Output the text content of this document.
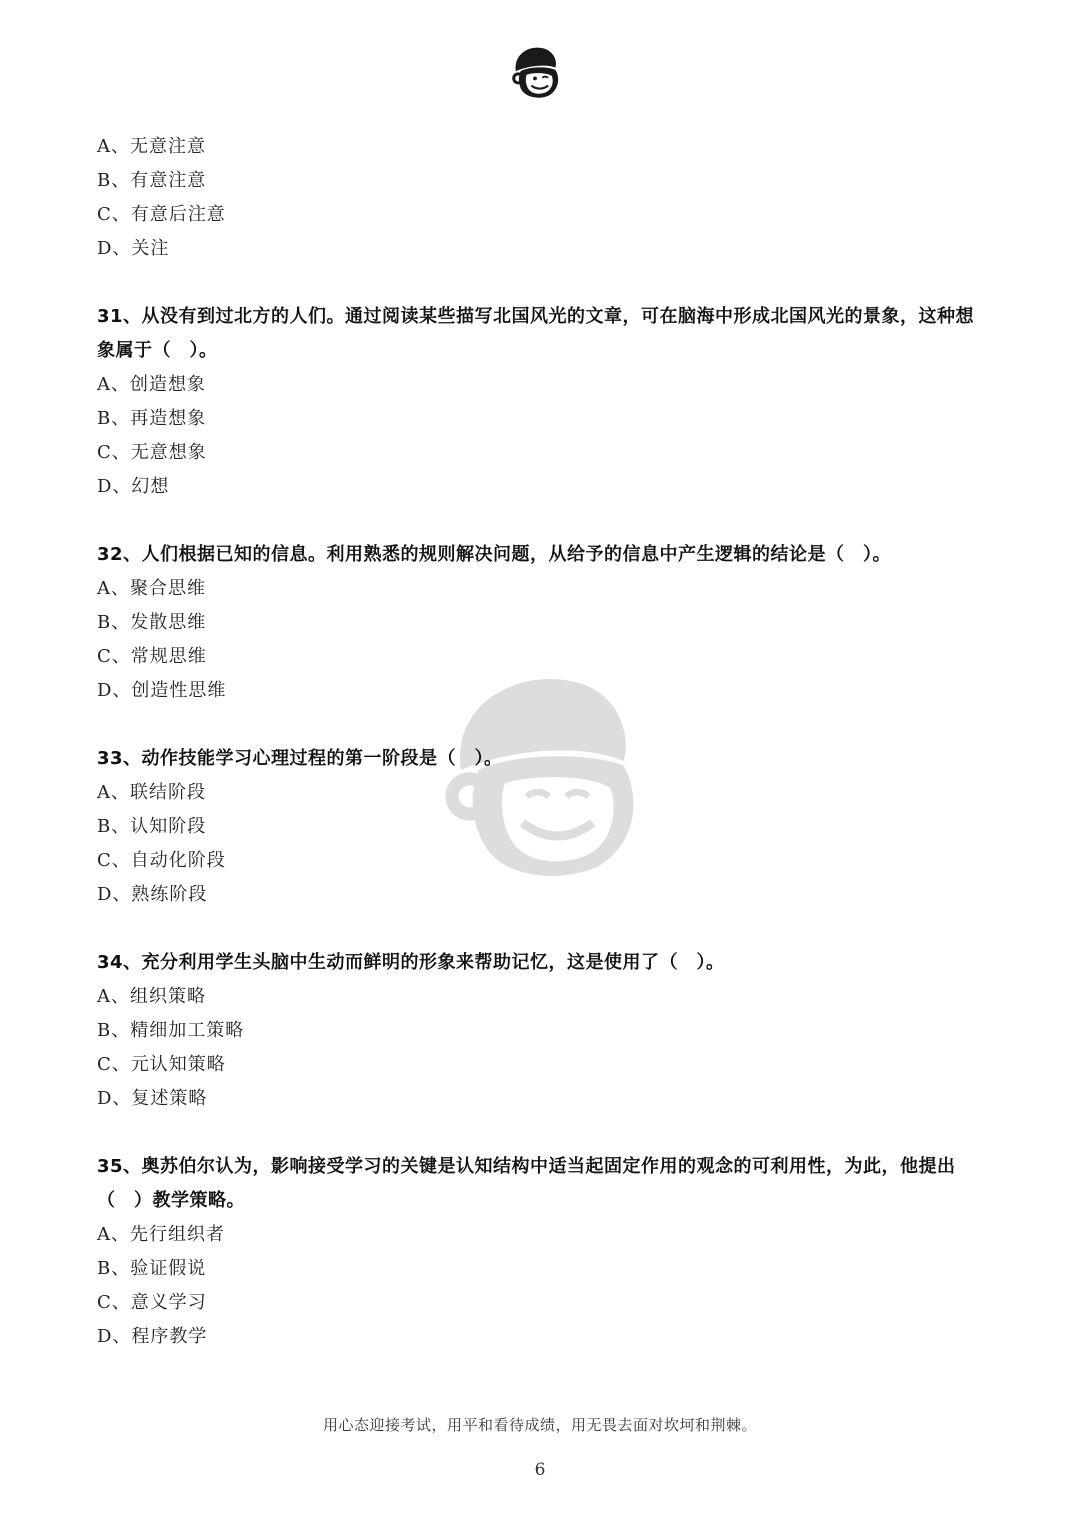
A、无意注意
B、有意注意
C、有意后注意
D、关注
31、从没有到过北方的人们。通过阅读某些描写北国风光的文章，可在脑海中形成北国风光的景象，这种想象属于（　）。
A、创造想象
B、再造想象
C、无意想象
D、幻想
32、人们根据已知的信息。利用熟悉的规则解决问题，从给予的信息中产生逻辑的结论是（　）。
A、聚合思维
B、发散思维
C、常规思维
D、创造性思维
33、动作技能学习心理过程的第一阶段是（　）。
A、联结阶段
B、认知阶段
C、自动化阶段
D、熟练阶段
34、充分利用学生头脑中生动而鲜明的形象来帮助记忆，这是使用了（　）。
A、组织策略
B、精细加工策略
C、元认知策略
D、复述策略
35、奥苏伯尔认为，影响接受学习的关键是认知结构中适当起固定作用的观念的可利用性，为此，他提出（　）教学策略。
A、先行组织者
B、验证假说
C、意义学习
D、程序教学
用心态迎接考试，用平和看待成绩，用无畏去面对坎坷和荆棘。
6
